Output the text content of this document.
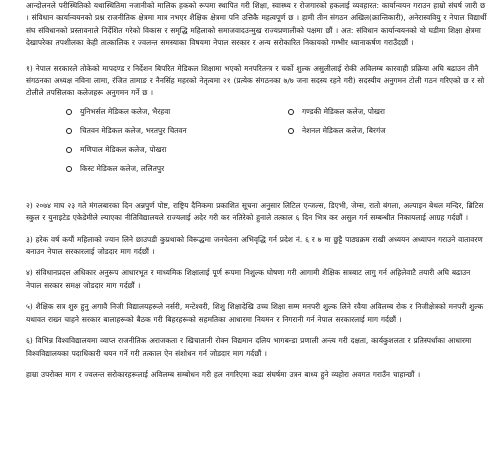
आन्दोलनले परीस्थितिको यथास्थितिमा नजानीको मालिक हकको रूपमा स्थापित गरी शिक्षा, स्वास्थ्य र रोजगारको हकलाई व्यवहारत: कार्यान्वयन गराउन हाम्रो संघर्ष जारी छ । संविधान कार्यान्वयनको प्रश्न राजनीतिक क्षेत्रमा मात्र नभएर शैक्षिक क्षेत्रमा पनि उत्तिकै महत्वपूर्ण छ । हामी तीन संगठन अखिल(क्रान्तिकारी), अनेरास्ववियु र नेपाल विद्यार्थी संघ संविधानको प्रस्तावनाले निर्देशित गरेको विकास र समृद्धि महिलाको समाजवादउन्मुख राज्यप्रणालीको पक्षमा छौं । अत: संविधान कार्यान्वयनको यो घडीमा शिक्षा क्षेत्रमा देखापरेका तपशीलका केही तात्कालिक र ज्वलन्त समस्याका विषयमा नेपाल सरकार र अन्य सरोकारित निकायको गम्भीर ध्यानाकर्षण गराउँदछौं ।

१) नेपाल सरकारले तोकेको मापदण्ड र निर्देशन बिपरित मेडिकल शिक्षामा भएको मनपरितन्त्र र चर्को शुल्क असुलीलाई रोकी अविलम्ब कारवाही प्रक्रिया अघि बढाउन तीनै संगठनका अध्यक्ष नविना लामा, रंजित तामाङ र नैनसिंह महरको नेतृत्वमा २१ (प्रत्येक संगठनका ७/७ जना सदस्य रहने गरी) सदस्यीय अनुगमन टोली गठन गरिएको छ र सो टोलीले तपसिलका कलेजहरू अनुगमन गर्ने छ ।

युनिभर्सल मेडिकल कलेज, भैरहवा
चितवन मेडिकल कलेज, भरतपुर चितवन
मणिपाल मेडिकल कलेज, पोखरा
किस्ट मेडिकल कलेज, ललितपुर
गण्डकी मेडिकल कलेज, पोखरा
नेशनल मेडिकल कलेज, बिरगंज

२) २०७४ माघ २३ गते मंगलबारका दिन अन्नपुर्ण पोष्ट, राष्ट्रिय दैनिकमा प्रकाशित सूचना अनुसार लिटिल एन्जल्स, डिएभी, जेम्स, रातो बंगला, अल्पाइन बेथल मन्दिर, ब्रिटिस स्कुल र युनाइटेड एकेडेमीले ल्याएका नीतिविद्यालयले राज्यलाई अदेर गरी कर नतिरेको हुनाले तत्काल ६ दिन भित्र कर असुल गर्न सम्बन्धीत निकायलाई आग्रह गर्दछौं ।

३) हरेक वर्ष कयौं महिलाको ज्यान लिने छाउपडी कुप्रथाको विरूद्धमा जनचेतना अभिवृद्धि गर्न प्रदेश नं. ६ र ७ मा छुट्टै पाठ्यक्रम राखी अध्ययन अध्यापन गराउने वातावरण बनाउन नेपाल सरकारलाई जोडदार माग गर्दछौं ।

४) संविधानप्रदत्त अधिकार अनुरूप आधारभूत र माध्यमिक शिक्षालाई पूर्ण रूपमा निशुल्क घोषणा गरी आगामी शैक्षिक सत्रबाट लागु गर्न अहिलेवाटै तयारी अघि बढाउन नेपाल सरकार समक्ष जोडदार माग गर्दछौं ।

५) शैक्षिक सत्र शुरु हुनु अगावै निजी विद्यालयहरूले नर्सरी, मन्टेश्वरी, शिशु शिक्षादेखि उच्च शिक्षा सम्म मनपरी शुल्क लिने रवैया अविलम्ब रोक र निजीक्षेत्रको मनपरी शुल्क यथावत राख्न चाहने सरकार बालाहरूको बैठक गरी बिहरहरूको सहमतिका आधारमा नियमन र निगरानी गर्न नेपाल सरकारलाई माग गर्दछौं ।

६) विभिन्न विश्वविद्यालयमा व्याप्त राजनीतिक अराजकता र खिचातानी रोक्न विद्यमान दलिय भागबन्डा प्रणाली अन्त्य गरी दक्षता, कार्यकुशलता र प्रतिस्पर्धाका आधारमा विश्वविद्यालयका पदाधिकारी चयन गर्ने गरी तत्काल ऐन संशोधन गर्न जोडदार माग गर्दछौं ।

हाम्रा उपरोक्त माग र ज्वलन्त सरोकारहरूलाई अविलम्ब सम्बोधन गरी हल नगरिएमा कडा संघर्षमा उत्रन बाध्य हुने व्यहोरा अवगत गराउँन चाहान्छौं ।
